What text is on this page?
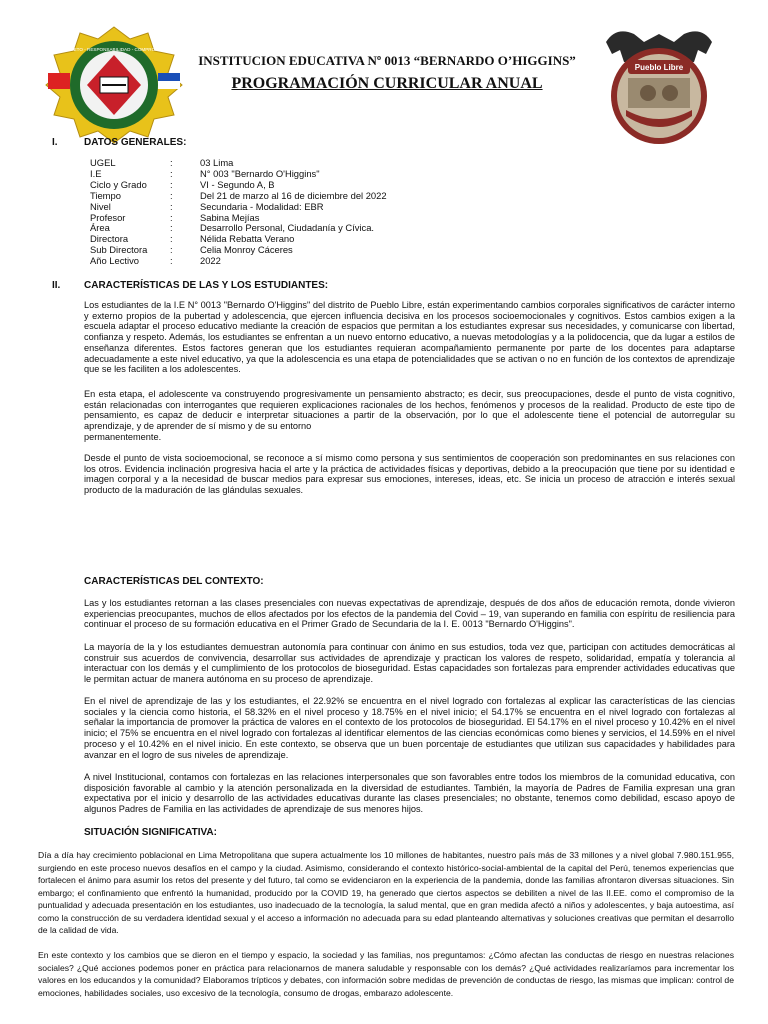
RESPETO - RESPONSABILIDAD - COMPROMISO
Pueblo Libre
INSTITUCION EDUCATIVA Nº 0013 “BERNARDO O’HIGGINS”
PROGRAMACIÓN CURRICULAR ANUAL
I.	DATOS GENERALES:
UGEL	:	03 Lima
I.E	:	N° 003 "Bernardo O'Higgins"
Ciclo y Grado	:	VI - Segundo A, B
Tiempo	:	Del 21 de marzo al 16 de diciembre del 2022
Nivel	:	Secundaria - Modalidad: EBR
Profesor	:	Sabina Mejías
Área	:	Desarrollo Personal, Ciudadanía y Cívica.
Directora	:	Nélida Rebatta Verano
Sub Directora	:	Celia Monroy Cáceres
Año Lectivo	:	2022
II. CARACTERÍSTICAS DE LAS Y LOS ESTUDIANTES:
Los estudiantes de la I.E N° 0013 "Bernardo O'Higgins" del distrito de Pueblo Libre, están experimentando cambios corporales significativos de carácter interno y externo propios de la pubertad y adolescencia, que ejercen influencia decisiva en los procesos socioemocionales y cognitivos. Estos cambios exigen a la escuela adaptar el proceso educativo mediante la creación de espacios que permitan a los estudiantes expresar sus necesidades, y comunicarse con libertad, confianza y respeto. Además, los estudiantes se enfrentan a un nuevo entorno educativo, a nuevas metodologías y a la polidocencia, que da lugar a estilos de enseñanza diferentes. Estos factores generan que los estudiantes requieran acompañamiento permanente por parte de los docentes para adaptarse adecuadamente a este nivel educativo, ya que la adolescencia es una etapa de potencialidades que se activan o no en función de los contextos de aprendizaje que se les faciliten a los adolescentes.
En esta etapa, el adolescente va construyendo progresivamente un pensamiento abstracto; es decir, sus preocupaciones, desde el punto de vista cognitivo, están relacionadas con interrogantes que requieren explicaciones racionales de los hechos, fenómenos y procesos de la realidad. Producto de este tipo de pensamiento, es capaz de deducir e interpretar situaciones a partir de la observación, por lo que el adolescente tiene el potencial de autorregular su aprendizaje, y de aprender de sí mismo y de su entorno
permanentemente.
Desde el punto de vista socioemocional, se reconoce a sí mismo como persona y sus sentimientos de cooperación son predominantes en sus relaciones con los otros. Evidencia inclinación progresiva hacia el arte y la práctica de actividades físicas y deportivas, debido a la preocupación que tiene por su identidad e imagen corporal y a la necesidad de buscar medios para expresar sus emociones, intereses, ideas, etc. Se inicia un proceso de atracción e interés sexual producto de la maduración de las glándulas sexuales.
CARACTERÍSTICAS DEL CONTEXTO:
Las y los estudiantes retornan a las clases presenciales con nuevas expectativas de aprendizaje, después de dos años de educación remota, donde vivieron experiencias preocupantes, muchos de ellos afectados por los efectos de la pandemia del Covid – 19, van superando en familia con espíritu de resiliencia para continuar el proceso de su formación educativa en el Primer Grado de Secundaria de la I. E. 0013 "Bernardo O'Higgins".
La mayoría de la y los estudiantes demuestran autonomía para continuar con ánimo en sus estudios, toda vez que, participan con actitudes democráticas al construir sus acuerdos de convivencia, desarrollar sus actividades de aprendizaje y practican los valores de respeto, solidaridad, empatía y tolerancia al interactuar con los demás y el cumplimiento de los protocolos de bioseguridad. Estas capacidades son fortalezas para emprender actividades educativas que le permitan actuar de manera autónoma en su proceso de aprendizaje.
En el nivel de aprendizaje de las y los estudiantes, el 22.92% se encuentra en el nivel logrado con fortalezas al explicar las características de las ciencias sociales y la ciencia como historia, el 58.32% en el nivel proceso y 18.75% en el nivel inicio; el 54.17% se encuentra en el nivel logrado con fortalezas al señalar la importancia de promover la práctica de valores en el contexto de los protocolos de bioseguridad. El 54.17% en el nivel proceso y 10.42% en el nivel inicio; el 75% se encuentra en el nivel logrado con fortalezas al identificar elementos de las ciencias económicas como bienes y servicios, el 14.59% en el nivel proceso y el 10.42% en el nivel inicio. En este contexto, se observa que un buen porcentaje de estudiantes que utilizan sus capacidades y habilidades para avanzar en el logro de sus niveles de aprendizaje.
A nivel Institucional, contamos con fortalezas en las relaciones interpersonales que son favorables entre todos los miembros de la comunidad educativa, con disposición favorable al cambio y la atención personalizada en la diversidad de estudiantes. También, la mayoría de Padres de Familia expresan una gran expectativa por el inicio y desarrollo de las actividades educativas durante las clases presenciales; no obstante, tenemos como debilidad, escaso apoyo de algunos Padres de Familia en las actividades de aprendizaje de sus menores hijos.
SITUACIÓN SIGNIFICATIVA:
Día a día hay crecimiento poblacional en Lima Metropolitana que supera actualmente los 10 millones de habitantes, nuestro país más de 33 millones y a nivel global 7.980.151.955, surgiendo en este proceso nuevos desafíos en el campo y la ciudad. Asimismo, considerando el contexto histórico-social-ambiental de la capital del Perú, tenemos experiencias que fortalecen el ánimo para asumir los retos del presente y del futuro, tal como se evidenciaron en la experiencia de la pandemia, donde las familias afrontaron diversas situaciones. Sin embargo; el confinamiento que enfrentó la humanidad, producido por la COVID 19, ha generado que ciertos aspectos se debiliten a nivel de las II.EE. como el compromiso de la puntualidad y adecuada presentación en los estudiantes, uso inadecuado de la tecnología, la salud mental, que en gran medida afectó a niños y adolescentes, y baja autoestima, así como la construcción de su verdadera identidad sexual y el acceso a información no adecuada para su edad planteando alternativas y soluciones creativas que permitan el desarrollo de la calidad de vida.
En este contexto y los cambios que se dieron en el tiempo y espacio, la sociedad y las familias, nos preguntamos: ¿Cómo afectan las conductas de riesgo en nuestras relaciones sociales? ¿Qué acciones podemos poner en práctica para relacionarnos de manera saludable y responsable con los demás? ¿Qué actividades realizaríamos para incrementar los valores en los educandos y la comunidad? Elaboramos trípticos y debates, con información sobre medidas de prevención de conductas de riesgo, las mismas que implican: control de emociones, habilidades sociales, uso excesivo de la tecnología, consumo de drogas, embarazo adolescente.
